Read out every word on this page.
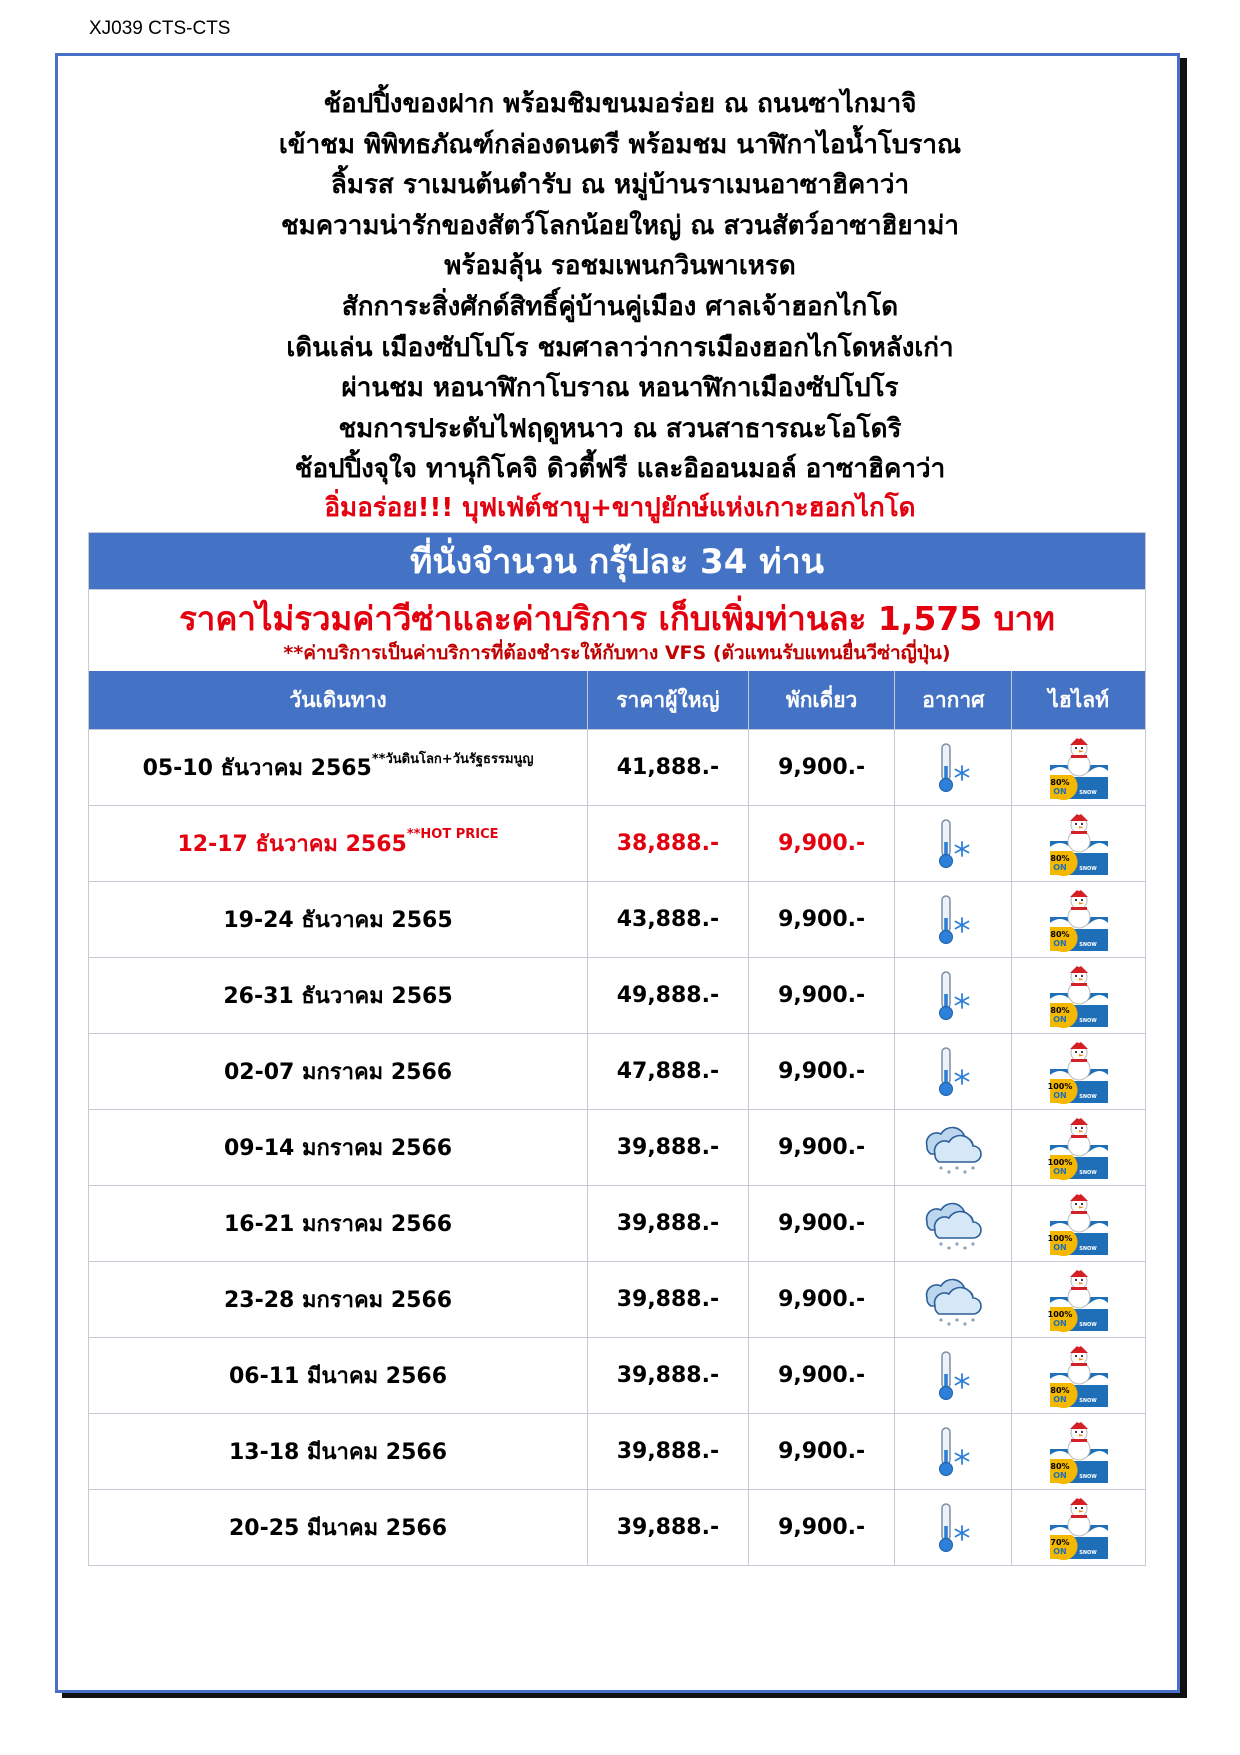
XJ039 CTS-CTS
ช้อปปิ้งของฝาก พร้อมชิมขนมอร่อย ณ ถนนซาไกมาจิ
เข้าชม พิพิทธภัณฑ์กล่องดนตรี พร้อมชม นาฬิกาไอน้ำโบราณ
ลิ้มรส ราเมนต้นตำรับ ณ หมู่บ้านราเมนอาซาฮิคาว่า
ชมความน่ารักของสัตว์โลกน้อยใหญ่ ณ สวนสัตว์อาซาฮิยาม่า
พร้อมลุ้น รอชมเพนกวินพาเหรด
สักการะสิ่งศักด์สิทธิ์คู่บ้านคู่เมือง ศาลเจ้าฮอกไกโด
เดินเล่น เมืองซัปโปโร ชมศาลาว่าการเมืองฮอกไกโดหลังเก่า
ผ่านชม หอนาฬิกาโบราณ หอนาฬิกาเมืองซัปโปโร
ชมการประดับไฟฤดูหนาว ณ สวนสาธารณะโอโดริ
ช้อปปิ้งจุใจ ทานุกิโคจิ ดิวตี้ฟรี และอิออนมอล์ อาซาฮิคาว่า
อิ่มอร่อย!!! บุฟเฟ่ต์ชาบู+ขาปูยักษ์แห่งเกาะฮอกไกโด
ที่นั่งจำนวน กรุ๊ปละ 34 ท่าน
ราคาไม่รวมค่าวีซ่าและค่าบริการ เก็บเพิ่มท่านละ 1,575 บาท
**ค่าบริการเป็นค่าบริการที่ต้องชำระให้กับทาง VFS (ตัวแทนรับแทนยื่นวีซ่าญี่ปุ่น)
วันเดินทาง	ราคาผู้ใหญ่	พักเดี่ยว	อากาศ	ไฮไลท์
05-10 ธันวาคม $2565^{**วันดินโลก+วันรัฐธรรมนูญ}$	41,888.-	9,900.-
80%
ON SNOW
12-17 ธันวาคม $2565^{**HOT PRICE}$	38,888.-	9,900.-
80%
ON SNOW
19-24 ธันวาคม 2565	43,888.-	9,900.-
80%
ON SNOW
26-31 ธันวาคม 2565	49,888.-	9,900.-
80%
ON SNOW
02-07 มกราคม 2566	47,888.-	9,900.-
100%
ON SNOW
09-14 มกราคม 2566	39,888.-	9,900.-
100%
ON SNOW
16-21 มกราคม 2566	39,888.-	9,900.-
100%
ON SNOW
23-28 มกราคม 2566	39,888.-	9,900.-
100%
ON SNOW
06-11 มีนาคม 2566	39,888.-	9,900.-
80%
ON SNOW
13-18 มีนาคม 2566	39,888.-	9,900.-
80%
ON SNOW
20-25 มีนาคม 2566	39,888.-	9,900.-
70%
ON SNOW
